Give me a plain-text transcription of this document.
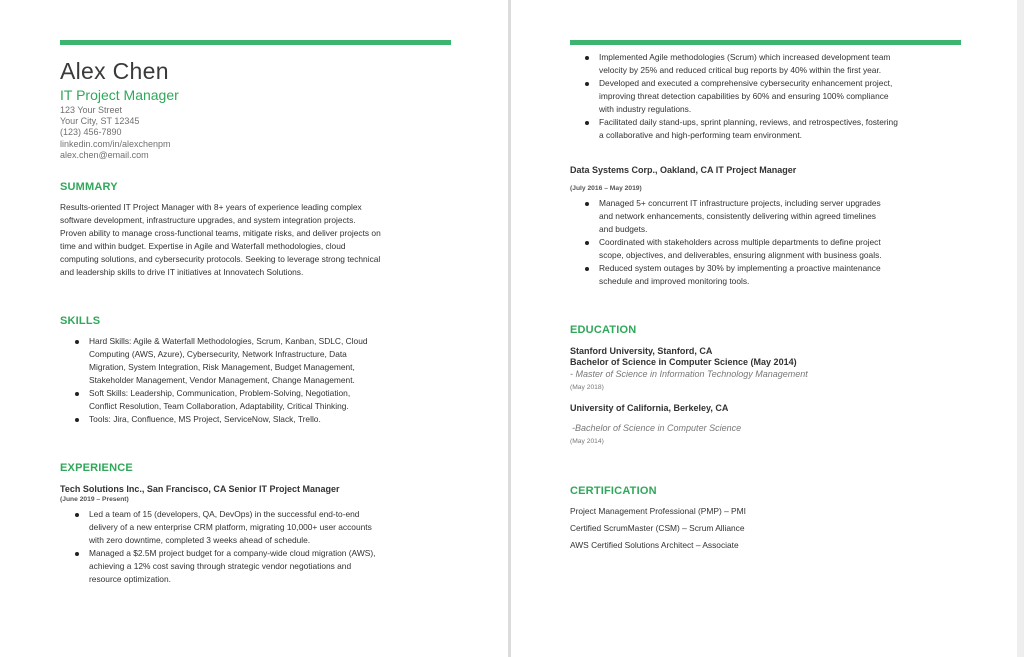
Alex Chen
IT Project Manager
123 Your Street
Your City, ST 12345
(123) 456-7890
linkedin.com/in/alexchenpm
alex.chen@email.com
SUMMARY
Results-oriented IT Project Manager with 8+ years of experience leading complex software development, infrastructure upgrades, and system integration projects. Proven ability to manage cross-functional teams, mitigate risks, and deliver projects on time and within budget. Expertise in Agile and Waterfall methodologies, cloud computing solutions, and cybersecurity protocols. Seeking to leverage strong technical and leadership skills to drive IT initiatives at Innovatech Solutions.
SKILLS
Hard Skills: Agile & Waterfall Methodologies, Scrum, Kanban, SDLC, Cloud Computing (AWS, Azure), Cybersecurity, Network Infrastructure, Data Migration, System Integration, Risk Management, Budget Management, Stakeholder Management, Vendor Management, Change Management.
Soft Skills: Leadership, Communication, Problem-Solving, Negotiation, Conflict Resolution, Team Collaboration, Adaptability, Critical Thinking.
Tools: Jira, Confluence, MS Project, ServiceNow, Slack, Trello.
EXPERIENCE
Tech Solutions Inc., San Francisco, CA Senior IT Project Manager
(June 2019 – Present)
Led a team of 15 (developers, QA, DevOps) in the successful end-to-end delivery of a new enterprise CRM platform, migrating 10,000+ user accounts with zero downtime, completed 3 weeks ahead of schedule.
Managed a $2.5M project budget for a company-wide cloud migration (AWS), achieving a 12% cost saving through strategic vendor negotiations and resource optimization.
Implemented Agile methodologies (Scrum) which increased development team velocity by 25% and reduced critical bug reports by 40% within the first year.
Developed and executed a comprehensive cybersecurity enhancement project, improving threat detection capabilities by 60% and ensuring 100% compliance with industry regulations.
Facilitated daily stand-ups, sprint planning, reviews, and retrospectives, fostering a collaborative and high-performing team environment.
Data Systems Corp., Oakland, CA IT Project Manager
(July 2016 – May 2019)
Managed 5+ concurrent IT infrastructure projects, including server upgrades and network enhancements, consistently delivering within agreed timelines and budgets.
Coordinated with stakeholders across multiple departments to define project scope, objectives, and deliverables, ensuring alignment with business goals.
Reduced system outages by 30% by implementing a proactive maintenance schedule and improved monitoring tools.
EDUCATION
Stanford University, Stanford, CA
Bachelor of Science in Computer Science (May 2014)
- Master of Science in Information Technology Management
(May 2018)
University of California, Berkeley, CA
-Bachelor of Science in Computer Science
(May 2014)
CERTIFICATION
Project Management Professional (PMP) – PMI
Certified ScrumMaster (CSM) – Scrum Alliance
AWS Certified Solutions Architect – Associate
